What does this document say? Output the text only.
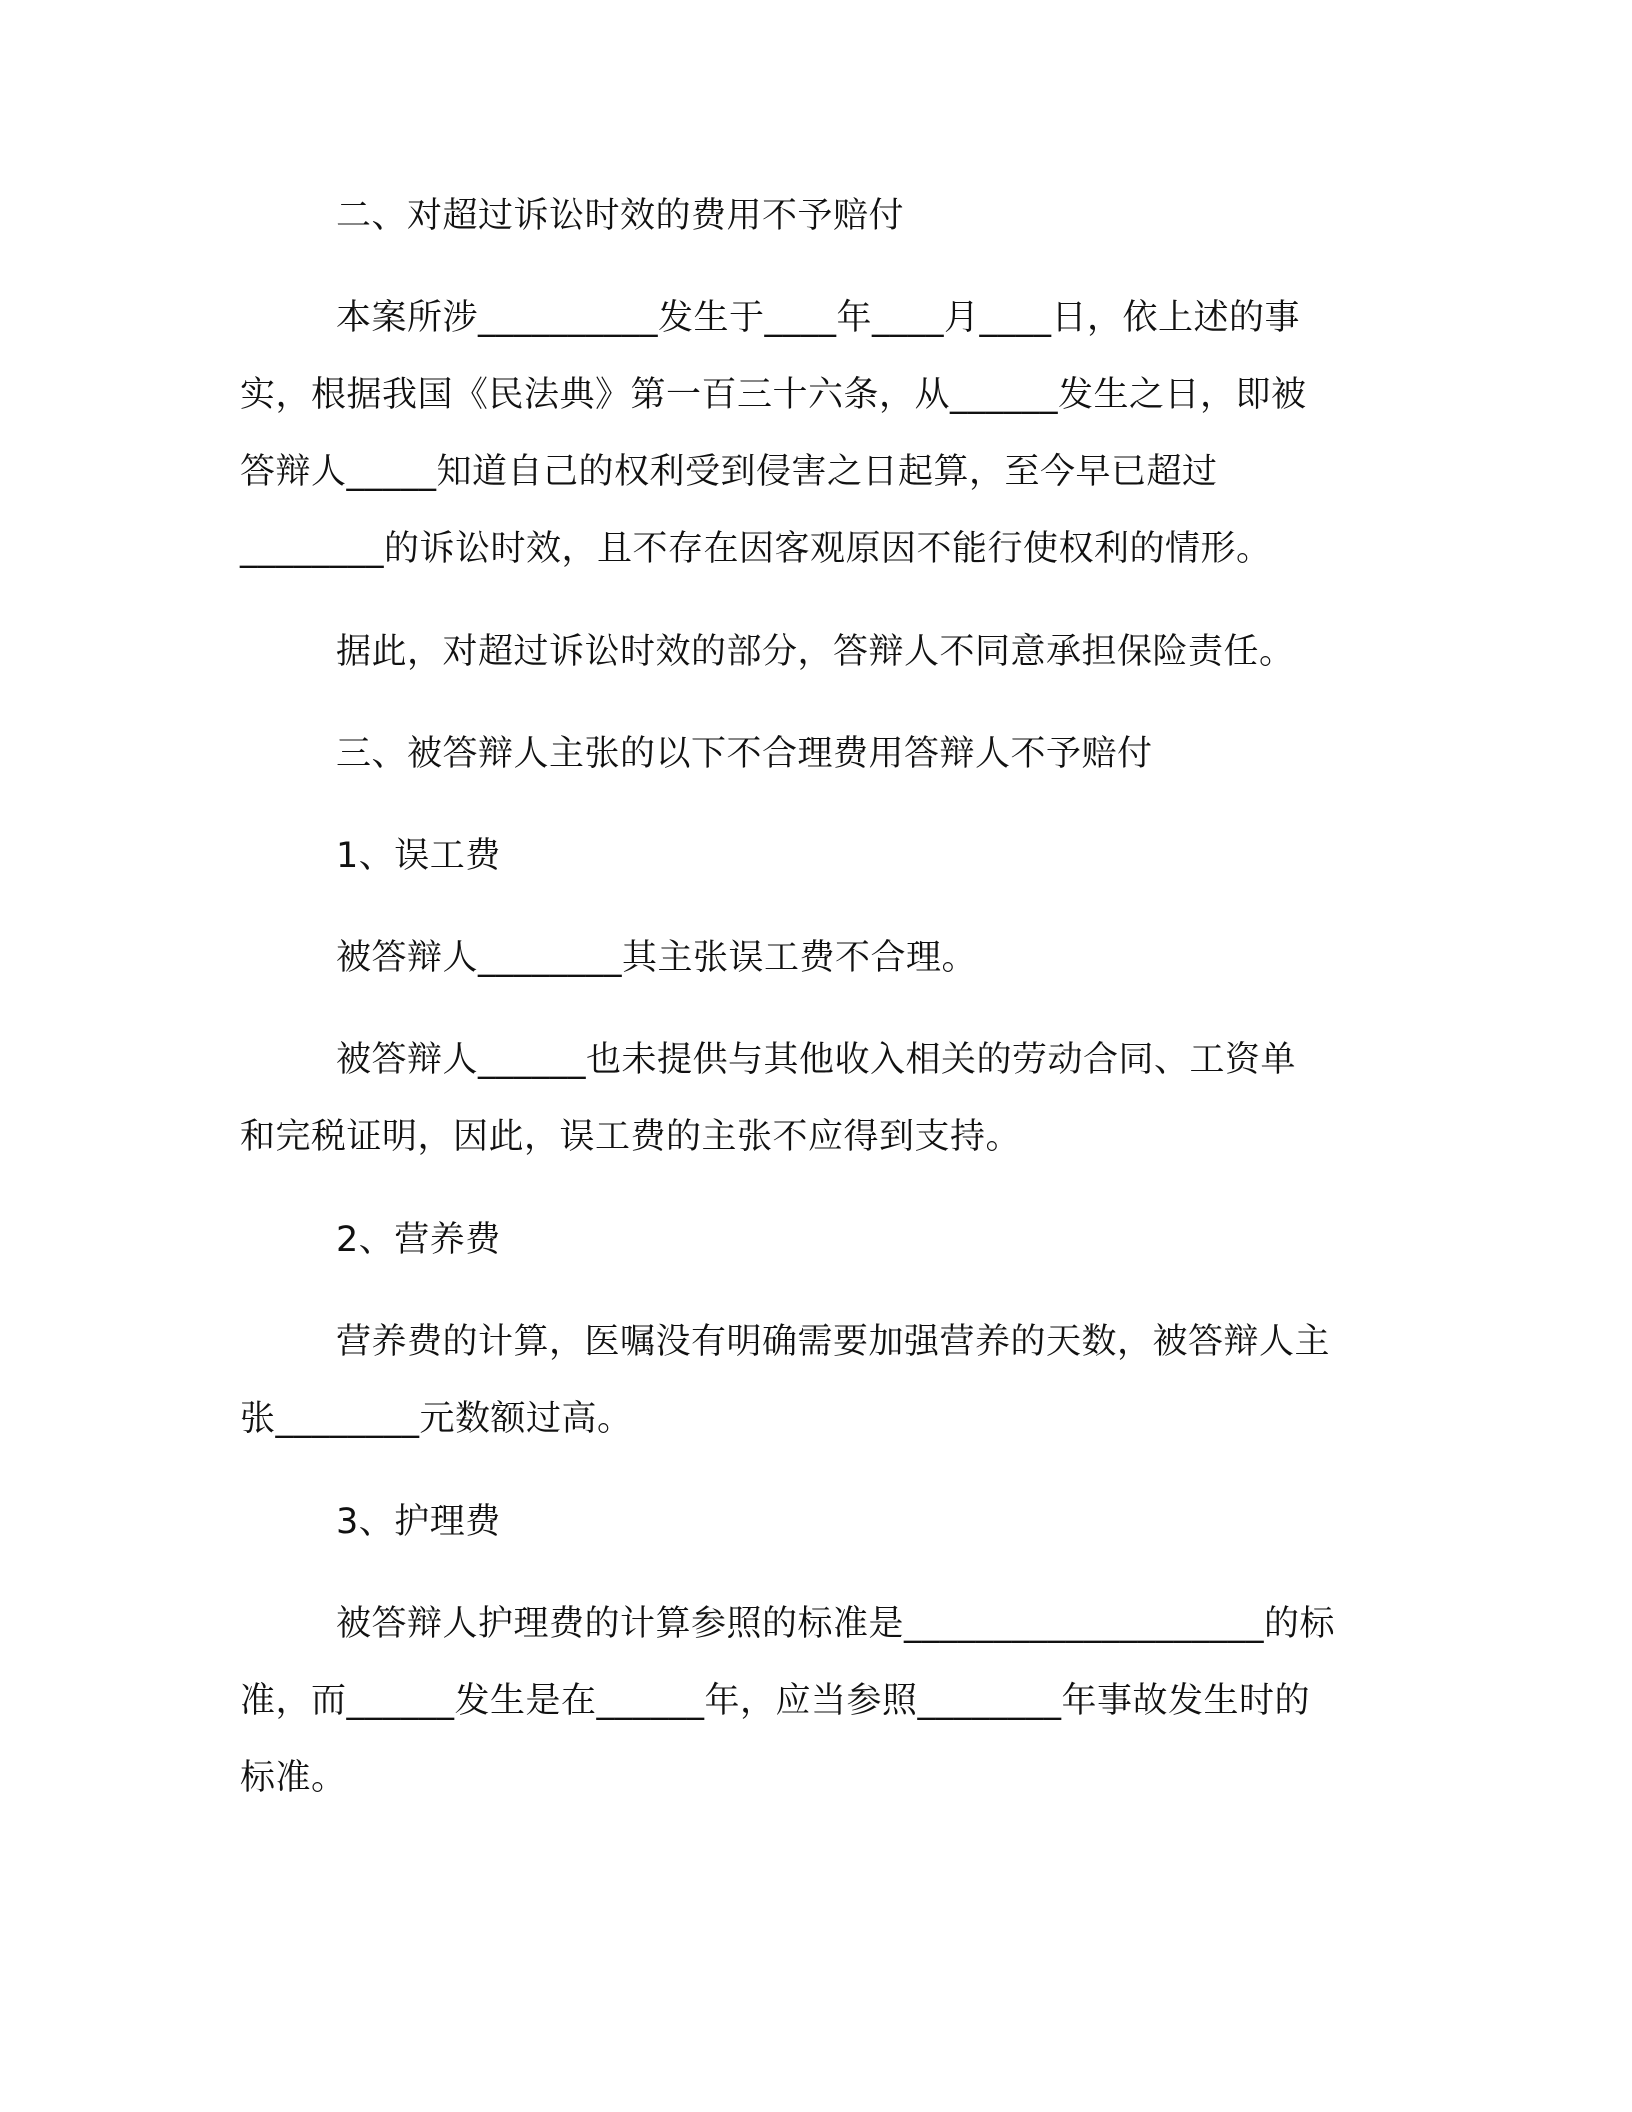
二、对超过诉讼时效的费用不予赔付
本案所涉__________发生于____年____月____日，依上述的事
实，根据我国《民法典》第一百三十六条，从______发生之日，即被
答辩人_____知道自己的权利受到侵害之日起算，至今早已超过
________的诉讼时效，且不存在因客观原因不能行使权利的情形。
据此，对超过诉讼时效的部分，答辩人不同意承担保险责任。
三、被答辩人主张的以下不合理费用答辩人不予赔付
1、误工费
被答辩人________其主张误工费不合理。
被答辩人______也未提供与其他收入相关的劳动合同、工资单
和完税证明，因此，误工费的主张不应得到支持。
2、营养费
营养费的计算，医嘱没有明确需要加强营养的天数，被答辩人主
张________元数额过高。
3、护理费
被答辩人护理费的计算参照的标准是____________________的标
准，而______发生是在______年，应当参照________年事故发生时的
标准。
